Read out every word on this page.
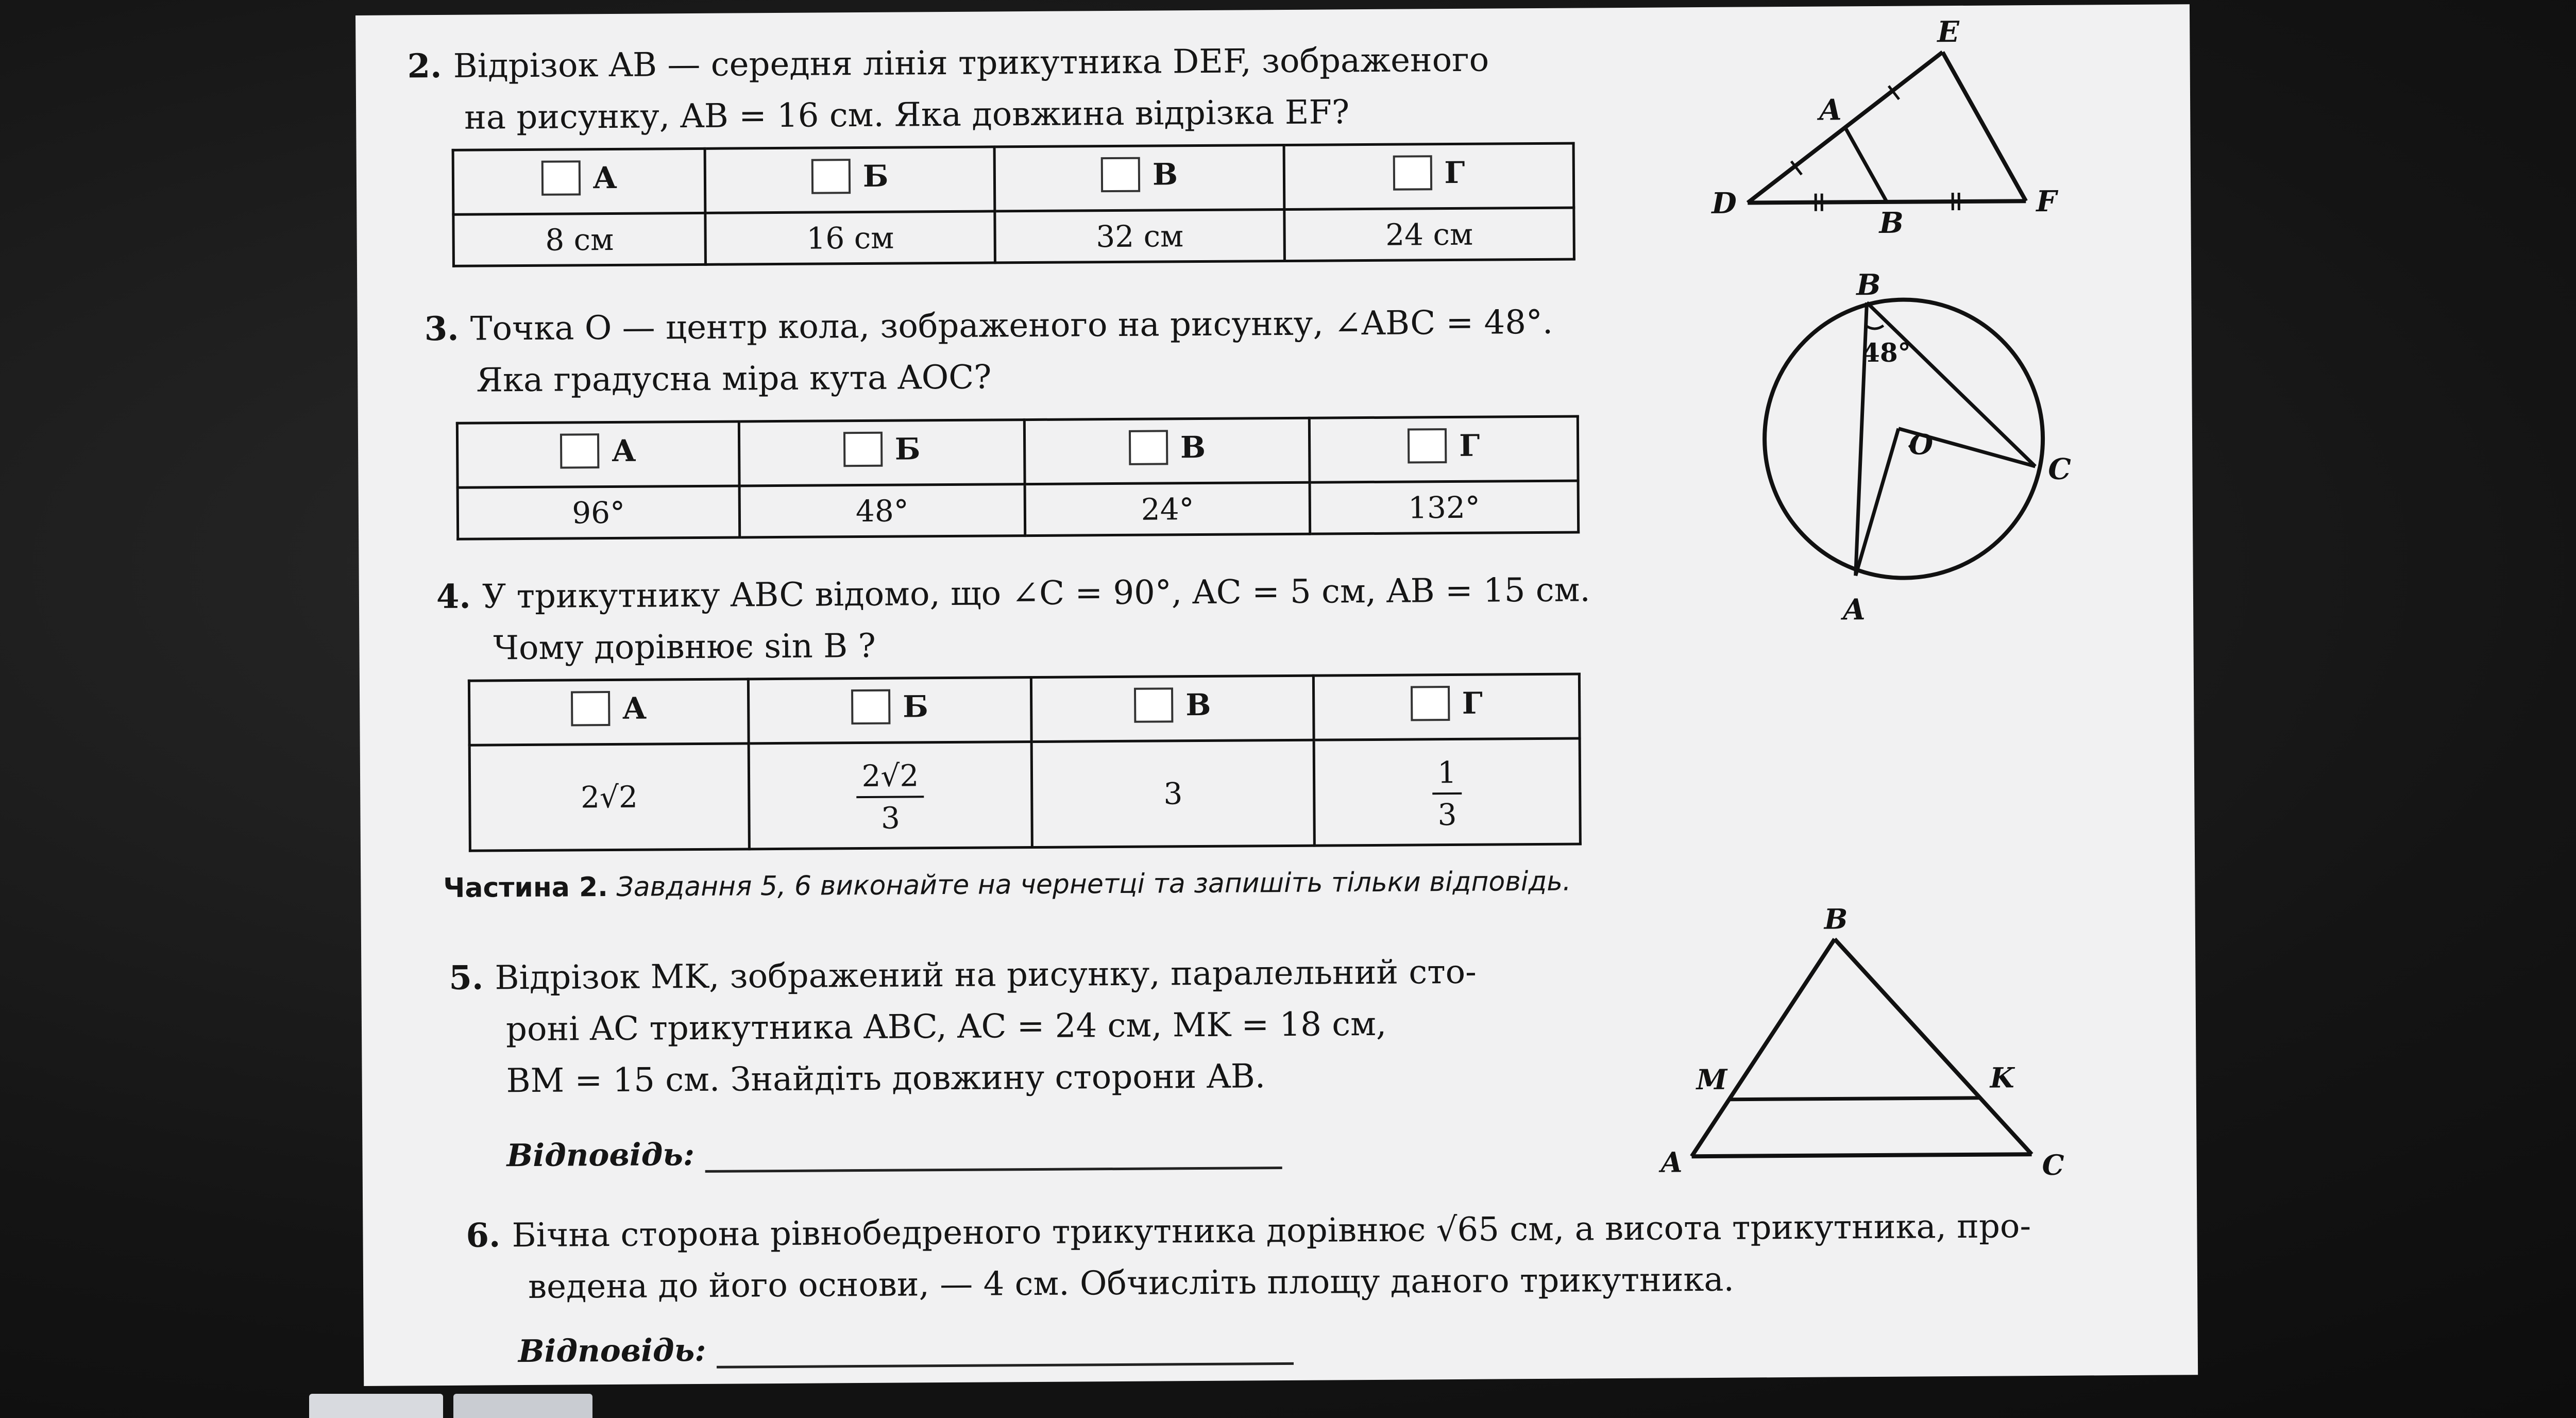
2. Відрізок AB — середня лінія трикутника DEF, зображеного
на рисунку, AB = 16 см. Яка довжина відрізка EF?
А	Б	В	Г

8 см	16 см	32 см	24 см
E
A
D
B
F
3. Точка O — центр кола, зображеного на рисунку, ∠ABC = 48°.
Яка градусна міра кута AOC?
А	Б	В	Г

96°	48°	24°	132°
B
48°
O
C
A
4. У трикутнику ABC відомо, що ∠C = 90°, AC = 5 см, AB = 15 см.
Чому дорівнює sin B ?
А	Б	В	Г

2√2	$\frac{2√2}{3}$	3	$\frac{1}{3}$
Частина 2. Завдання 5, 6 виконайте на чернетці та запишіть тільки відповідь.
5. Відрізок MK, зображений на рисунку, паралельний сто-
роні AC трикутника ABC, AC = 24 см, MK = 18 см,
BM = 15 см. Знайдіть довжину сторони AB.
Відповідь:
B
M	K
A	C
6. Бічна сторона рівнобедреного трикутника дорівнює √65 см, а висота трикутника, про-
ведена до його основи, — 4 см. Обчисліть площу даного трикутника.
Відповідь:
